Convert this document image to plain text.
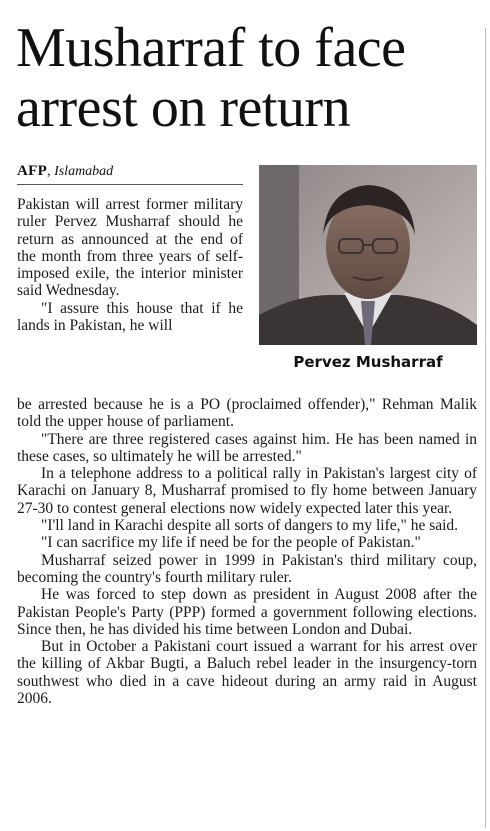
Musharraf to face arrest on return
AFP, Islamabad

Pakistan will arrest former military ruler Pervez Musharraf should he return as announced at the end of the month from three years of self-imposed exile, the interior minister said Wednesday.

"I assure this house that if he lands in Pakistan, he will

Pervez Musharraf

be arrested because he is a PO (proclaimed offender)," Rehman Malik told the upper house of parliament.

"There are three registered cases against him. He has been named in these cases, so ultimately he will be arrested."

In a telephone address to a political rally in Pakistan's largest city of Karachi on January 8, Musharraf promised to fly home between January 27-30 to contest general elections now widely expected later this year.

"I'll land in Karachi despite all sorts of dangers to my life," he said.

"I can sacrifice my life if need be for the people of Pakistan."

Musharraf seized power in 1999 in Pakistan's third military coup, becoming the country's fourth military ruler.

He was forced to step down as president in August 2008 after the Pakistan People's Party (PPP) formed a government following elections. Since then, he has divided his time between London and Dubai.

But in October a Pakistani court issued a warrant for his arrest over the killing of Akbar Bugti, a Baluch rebel leader in the insurgency-torn southwest who died in a cave hideout during an army raid in August 2006.
